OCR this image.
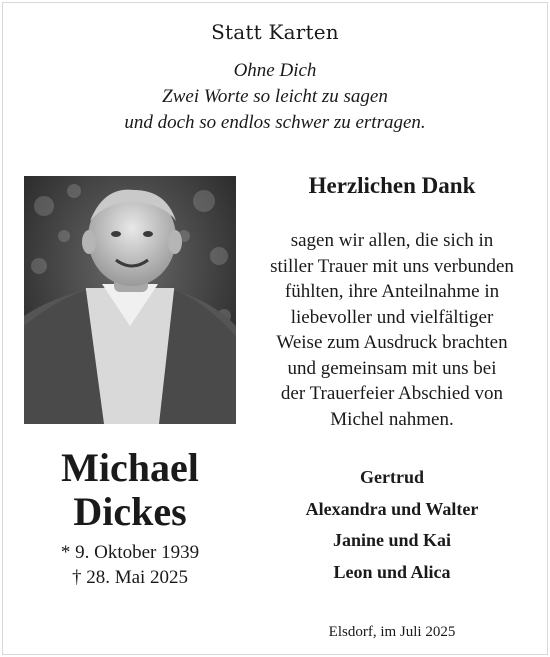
Statt Karten
Ohne Dich
Zwei Worte so leicht zu sagen
und doch so endlos schwer zu ertragen.
Michael
Dickes
* 9. Oktober 1939
† 28. Mai 2025
Herzlichen Dank
sagen wir allen, die sich in
stiller Trauer mit uns verbunden
fühlten, ihre Anteilnahme in
liebevoller und vielfältiger
Weise zum Ausdruck brachten
und gemeinsam mit uns bei
der Trauerfeier Abschied von
Michel nahmen.
Gertrud
Alexandra und Walter
Janine und Kai
Leon und Alica
Elsdorf, im Juli 2025
